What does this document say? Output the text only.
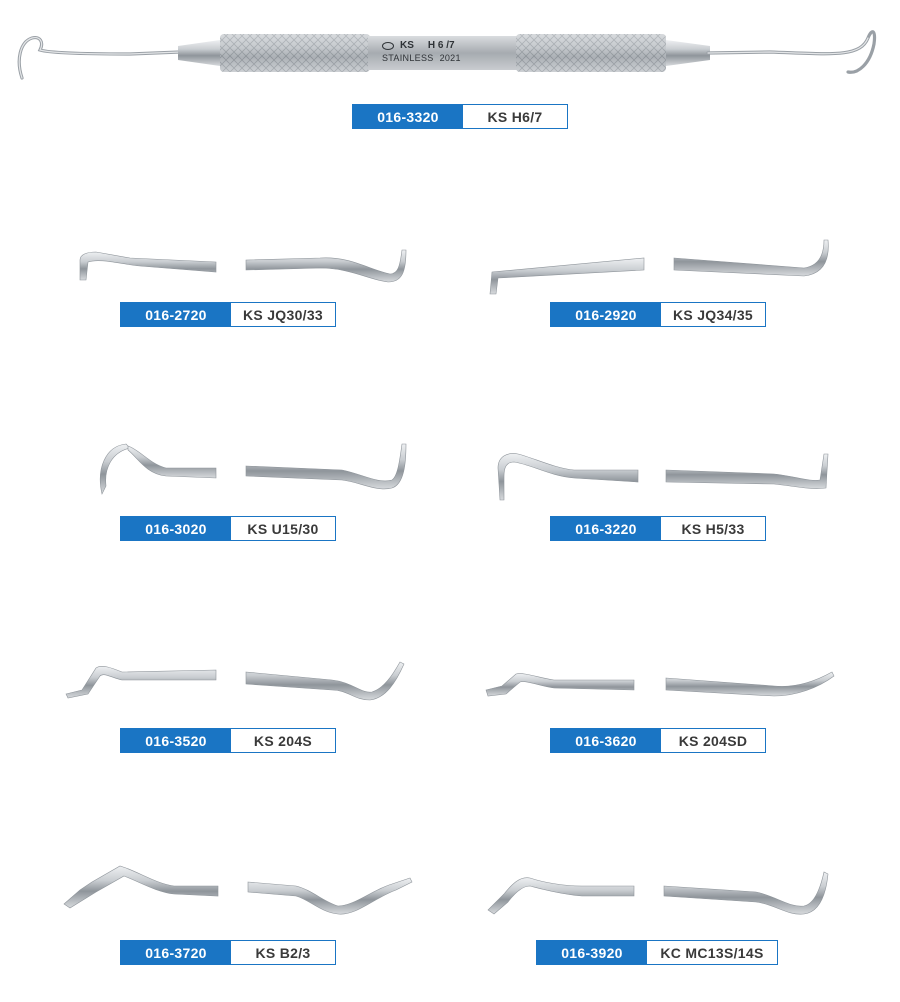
KS H 6 /7
STAINLESS 2021
016-3320	KS H6/7
016-2720	KS JQ30/33	016-2920	KS JQ34/35
016-3020	KS U15/30	016-3220	KS H5/33
016-3520	KS 204S	016-3620	KS 204SD
016-3720	KS B2/3	016-3920	KC MC13S/14S
